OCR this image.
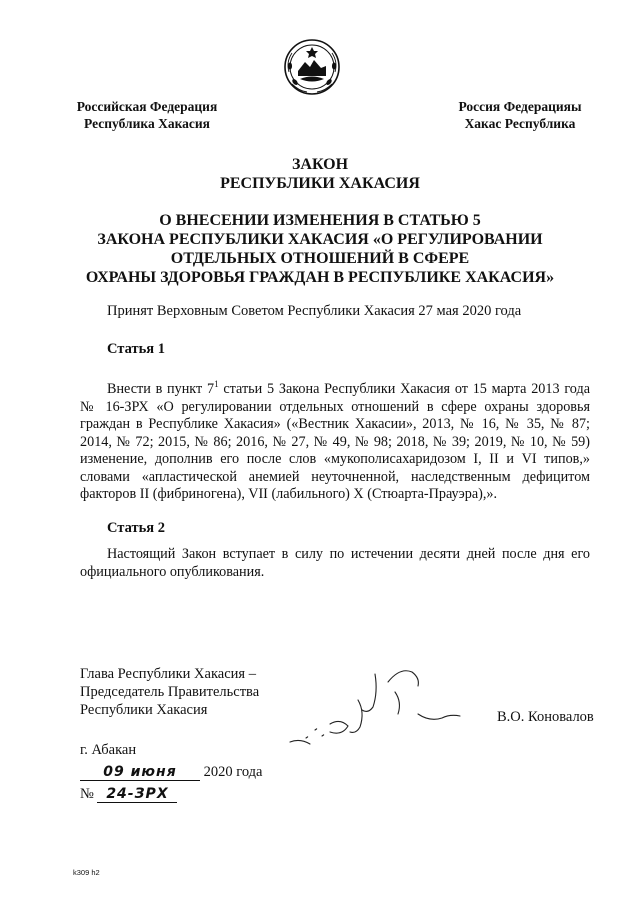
Российская Федерация
Республика Хакасия
Россия Федерацияы
Хакас Республика
ЗАКОН
РЕСПУБЛИКИ ХАКАСИЯ
О ВНЕСЕНИИ ИЗМЕНЕНИЯ В СТАТЬЮ 5
ЗАКОНА РЕСПУБЛИКИ ХАКАСИЯ «О РЕГУЛИРОВАНИИ
ОТДЕЛЬНЫХ ОТНОШЕНИЙ В СФЕРЕ
ОХРАНЫ ЗДОРОВЬЯ ГРАЖДАН В РЕСПУБЛИКЕ ХАКАСИЯ»
Принят Верховным Советом Республики Хакасия 27 мая 2020 года
Статья 1
Внести в пункт $7^1$ статьи 5 Закона Республики Хакасия от 15 марта 2013 года № 16-ЗРХ «О регулировании отдельных отношений в сфере охраны здоровья граждан в Республике Хакасия» («Вестник Хакасии», 2013, № 16, № 35, № 87; 2014, № 72; 2015, № 86; 2016, № 27, № 49, № 98; 2018, № 39; 2019, № 10, № 59) изменение, дополнив его после слов «мукополисахаридозом I, II и VI типов,» словами «апластической анемией неуточненной, наследственным дефицитом факторов II (фибриногена), VII (лабильного) X (Стюарта-Прауэра),».
Статья 2
Настоящий Закон вступает в силу по истечении десяти дней после дня его официального опубликования.
Глава Республики Хакасия –
Председатель Правительства
Республики Хакасия	В.О. Коновалов
г. Абакан
09 июня 2020 года
№ 24-ЗРХ
k309 h2
